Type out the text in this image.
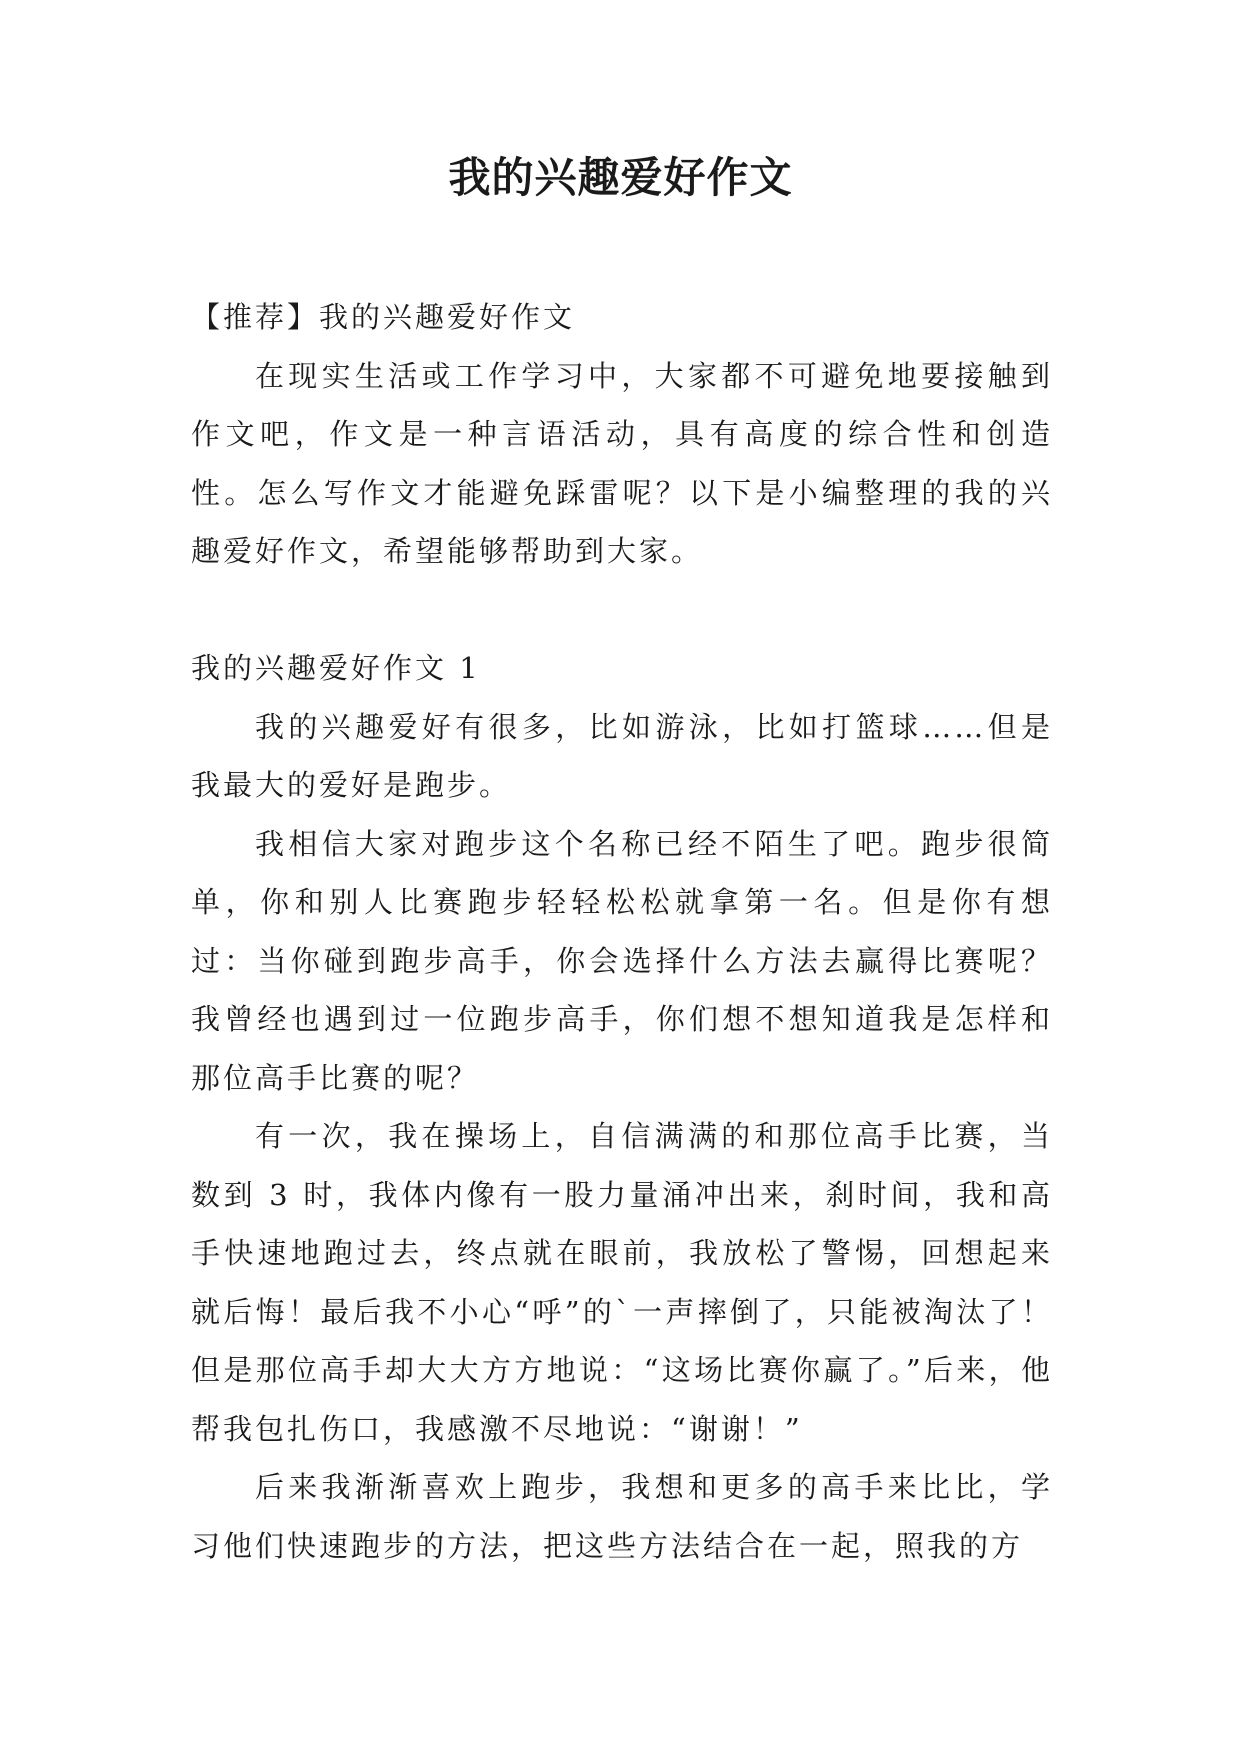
我的兴趣爱好作文

【推荐】我的兴趣爱好作文

在现实生活或工作学习中，大家都不可避免地要接触到作文吧，作文是一种言语活动，具有高度的综合性和创造性。怎么写作文才能避免踩雷呢？以下是小编整理的我的兴趣爱好作文，希望能够帮助到大家。

我的兴趣爱好作文 1

我的兴趣爱好有很多，比如游泳，比如打篮球……但是我最大的爱好是跑步。

我相信大家对跑步这个名称已经不陌生了吧。跑步很简单，你和别人比赛跑步轻轻松松就拿第一名。但是你有想过：当你碰到跑步高手，你会选择什么方法去赢得比赛呢？我曾经也遇到过一位跑步高手，你们想不想知道我是怎样和那位高手比赛的呢？

有一次，我在操场上，自信满满的和那位高手比赛，当数到 3 时，我体内像有一股力量涌冲出来，刹时间，我和高手快速地跑过去，终点就在眼前，我放松了警惕，回想起来就后悔！最后我不小心“呼”的`一声摔倒了，只能被淘汰了！但是那位高手却大大方方地说：“这场比赛你赢了。”后来，他帮我包扎伤口，我感激不尽地说：“谢谢！”

后来我渐渐喜欢上跑步，我想和更多的高手来比比，学习他们快速跑步的方法，把这些方法结合在一起，照我的方
